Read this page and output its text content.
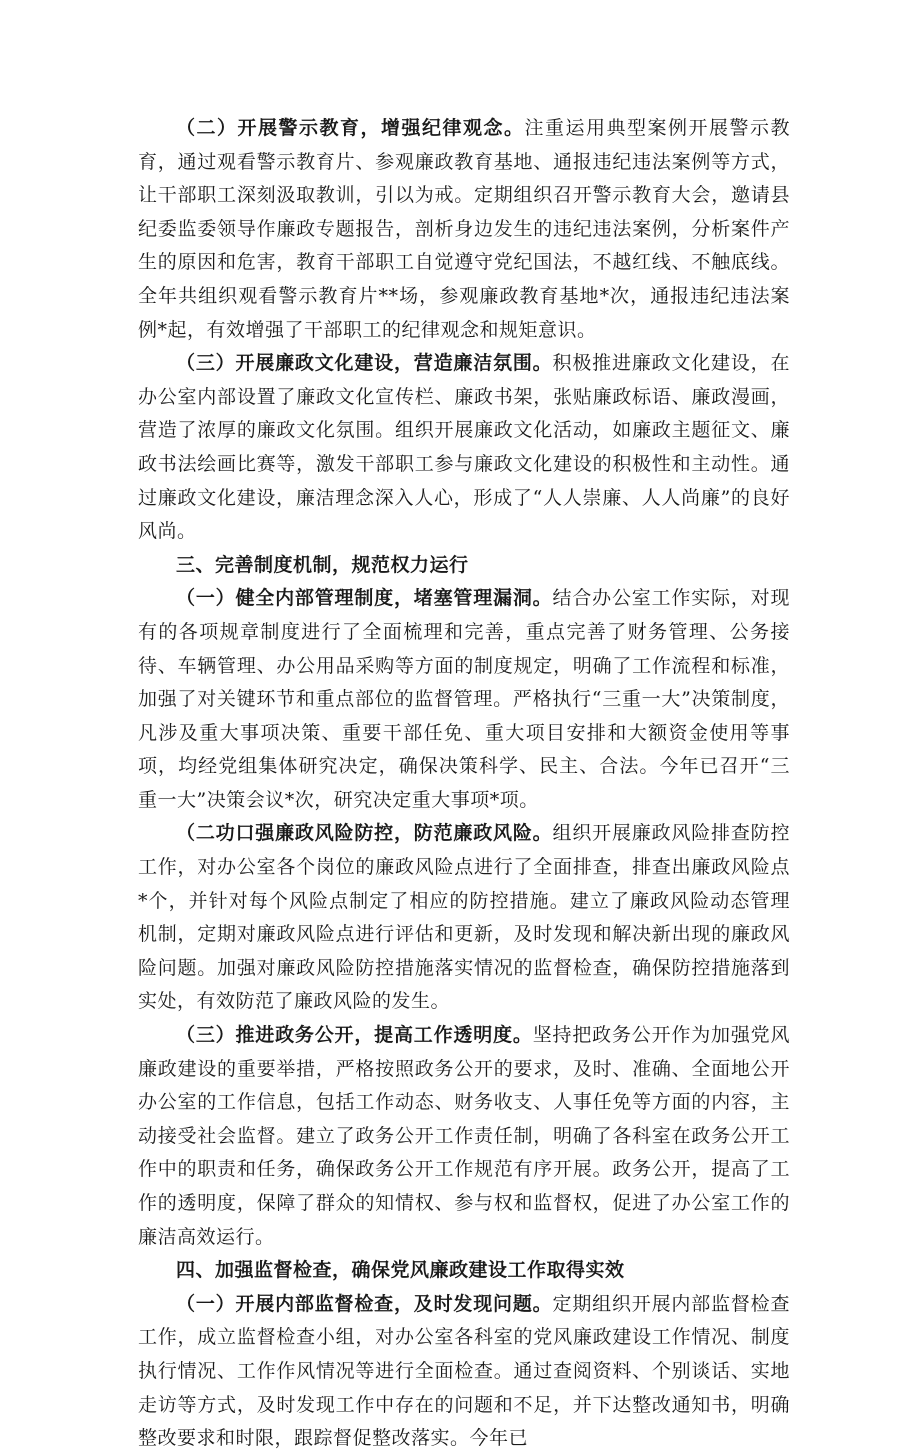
（二）开展警示教育，增强纪律观念。注重运用典型案例开展警示教育，通过观看警示教育片、参观廉政教育基地、通报违纪违法案例等方式，让干部职工深刻汲取教训，引以为戒。定期组织召开警示教育大会，邀请县纪委监委领导作廉政专题报告，剖析身边发生的违纪违法案例，分析案件产生的原因和危害，教育干部职工自觉遵守党纪国法，不越红线、不触底线。全年共组织观看警示教育片**场，参观廉政教育基地*次，通报违纪违法案例*起，有效增强了干部职工的纪律观念和规矩意识。

（三）开展廉政文化建设，营造廉洁氛围。积极推进廉政文化建设，在办公室内部设置了廉政文化宣传栏、廉政书架，张贴廉政标语、廉政漫画，营造了浓厚的廉政文化氛围。组织开展廉政文化活动，如廉政主题征文、廉政书法绘画比赛等，激发干部职工参与廉政文化建设的积极性和主动性。通过廉政文化建设，廉洁理念深入人心，形成了“人人崇廉、人人尚廉”的良好风尚。

三、完善制度机制，规范权力运行

（一）健全内部管理制度，堵塞管理漏洞。结合办公室工作实际，对现有的各项规章制度进行了全面梳理和完善，重点完善了财务管理、公务接待、车辆管理、办公用品采购等方面的制度规定，明确了工作流程和标准，加强了对关键环节和重点部位的监督管理。严格执行“三重一大”决策制度，凡涉及重大事项决策、重要干部任免、重大项目安排和大额资金使用等事项，均经党组集体研究决定，确保决策科学、民主、合法。今年已召开“三重一大”决策会议*次，研究决定重大事项*项。

（二功口强廉政风险防控，防范廉政风险。组织开展廉政风险排查防控工作，对办公室各个岗位的廉政风险点进行了全面排查，排查出廉政风险点*个，并针对每个风险点制定了相应的防控措施。建立了廉政风险动态管理机制，定期对廉政风险点进行评估和更新，及时发现和解决新出现的廉政风险问题。加强对廉政风险防控措施落实情况的监督检查，确保防控措施落到实处，有效防范了廉政风险的发生。

（三）推进政务公开，提高工作透明度。坚持把政务公开作为加强党风廉政建设的重要举措，严格按照政务公开的要求，及时、准确、全面地公开办公室的工作信息，包括工作动态、财务收支、人事任免等方面的内容，主动接受社会监督。建立了政务公开工作责任制，明确了各科室在政务公开工作中的职责和任务，确保政务公开工作规范有序开展。政务公开，提高了工作的透明度，保障了群众的知情权、参与权和监督权，促进了办公室工作的廉洁高效运行。

四、加强监督检查，确保党风廉政建设工作取得实效

（一）开展内部监督检查，及时发现问题。定期组织开展内部监督检查工作，成立监督检查小组，对办公室各科室的党风廉政建设工作情况、制度执行情况、工作作风情况等进行全面检查。通过查阅资料、个别谈话、实地走访等方式，及时发现工作中存在的问题和不足，并下达整改通知书，明确整改要求和时限，跟踪督促整改落实。今年已
